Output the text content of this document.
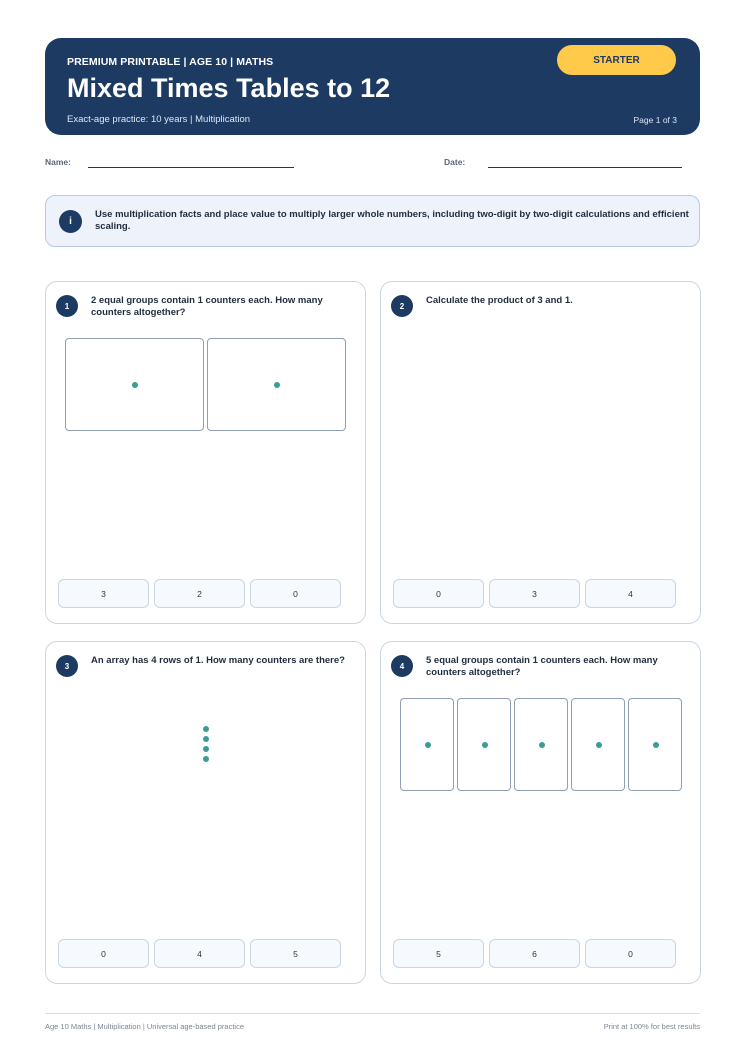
PREMIUM PRINTABLE | AGE 10 | MATHS
Mixed Times Tables to 12
Exact-age practice: 10 years | Multiplication	Page 1 of 3
STARTER
Name:	Date:
i
Use multiplication facts and place value to multiply larger whole numbers, including two-digit by two-digit calculations and efficient scaling.
1	2 equal groups contain 1 counters each. How many counters altogether?
3	2	0
2	Calculate the product of 3 and 1.
0	3	4
3	An array has 4 rows of 1. How many counters are there?
0	4	5
4	5 equal groups contain 1 counters each. How many counters altogether?
5	6	0
Age 10 Maths | Multiplication | Universal age-based practice	Print at 100% for best results
